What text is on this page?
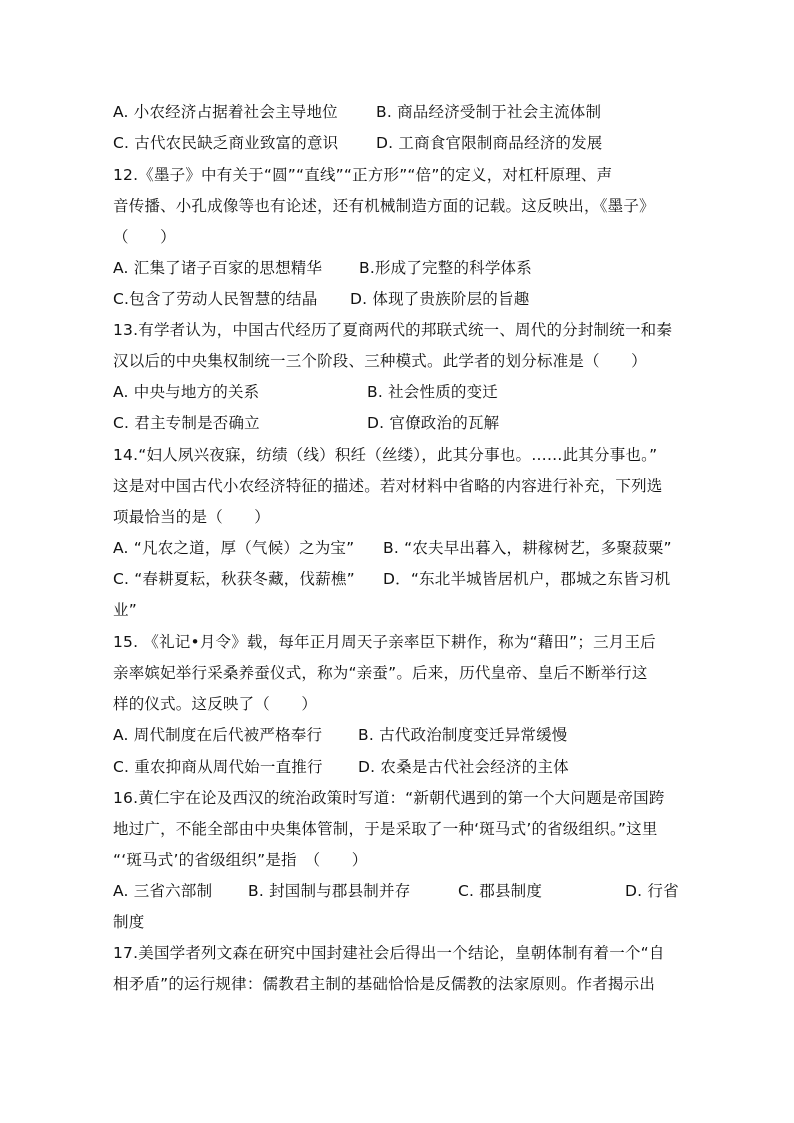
A. 小农经济占据着社会主导地位 B. 商品经济受制于社会主流体制
C. 古代农民缺乏商业致富的意识 D. 工商食官限制商品经济的发展
12.《墨子》中有关于“圆”“直线”“正方形”“倍”的定义，对杠杆原理、声
音传播、小孔成像等也有论述，还有机械制造方面的记载。这反映出，《墨子》
（　　）
A. 汇集了诸子百家的思想精华 B.形成了完整的科学体系
C.包含了劳动人民智慧的结晶 D. 体现了贵族阶层的旨趣
13.有学者认为，中国古代经历了夏商两代的邦联式统一、周代的分封制统一和秦
汉以后的中央集权制统一三个阶段、三种模式。此学者的划分标准是（　　）
A. 中央与地方的关系	B. 社会性质的变迁
C. 君主专制是否确立	D. 官僚政治的瓦解
14.“妇人夙兴夜寐，纺绩（线）积纴（丝缕），此其分事也。……此其分事也。”
这是对中国古代小农经济特征的描述。若对材料中省略的内容进行补充，下列选
项最恰当的是（　　）
A. “凡农之道，厚（气候）之为宝” B. “农夫早出暮入，耕稼树艺，多聚菽粟”
C. “春耕夏耘，秋获冬藏，伐薪樵” D．“东北半城皆居机户，郡城之东皆习机
业”
15. 《礼记•月令》载，每年正月周天子亲率臣下耕作，称为“藉田”；三月王后
亲率嫔妃举行采桑养蚕仪式，称为“亲蚕”。后来，历代皇帝、皇后不断举行这
样的仪式。这反映了（　　）
A. 周代制度在后代被严格奉行 B. 古代政治制度变迁异常缓慢
C. 重农抑商从周代始一直推行 D. 农桑是古代社会经济的主体
16.黄仁宇在论及西汉的统治政策时写道：“新朝代遇到的第一个大问题是帝国跨
地过广，不能全部由中央集体管制，于是采取了一种‘斑马式’的省级组织。”这里
“‘斑马式’的省级组织”是指　（　　）
A. 三省六部制 B. 封国制与郡县制并存	C. 郡县制度	D. 行省
制度
17.美国学者列文森在研究中国封建社会后得出一个结论，皇朝体制有着一个“自
相矛盾”的运行规律：儒教君主制的基础恰恰是反儒教的法家原则。作者揭示出
